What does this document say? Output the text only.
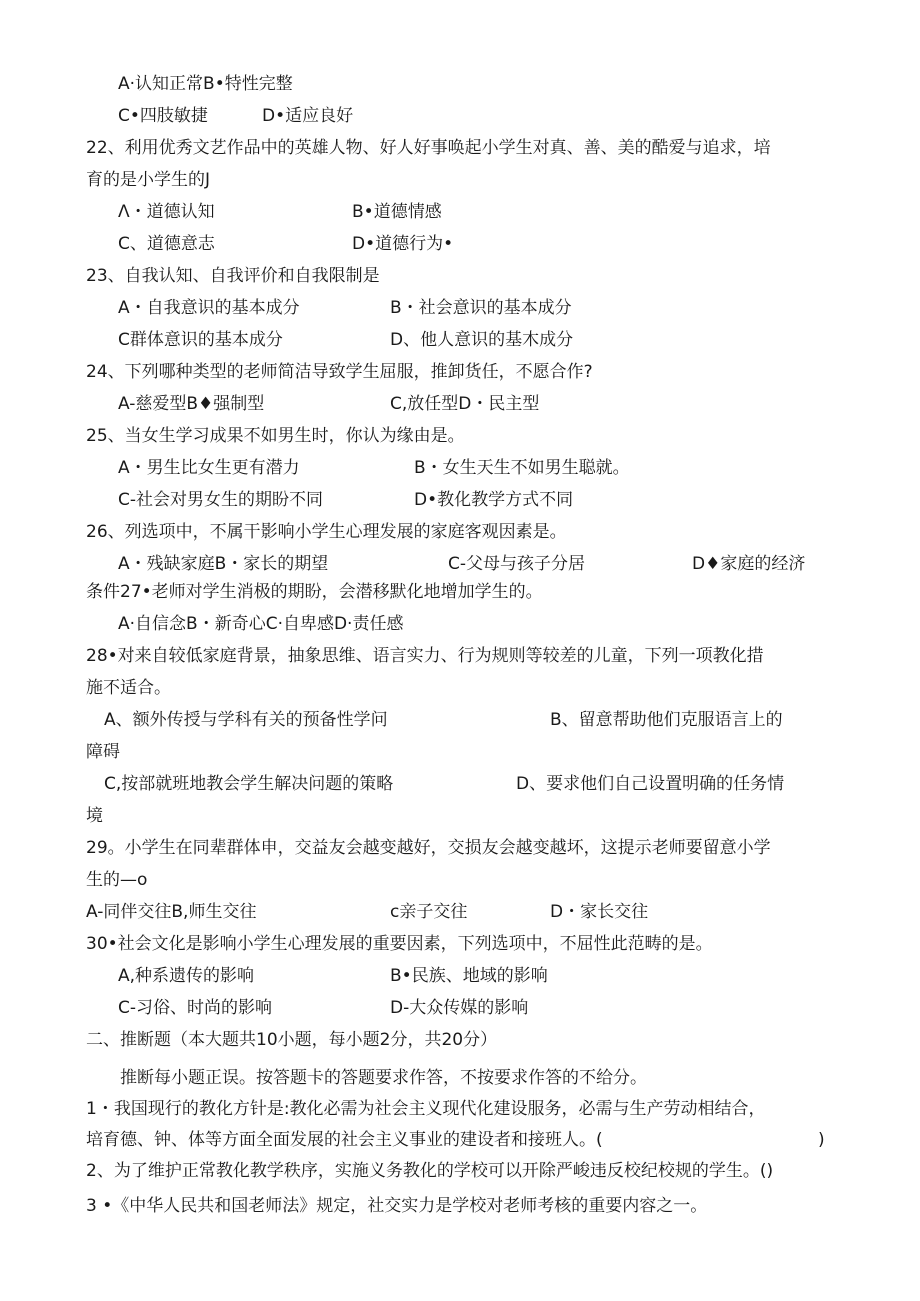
A·认知正常B•特性完整
C•四肢敏捷	D•适应良好
22、利用优秀文艺作品中的英雄人物、好人好事唤起小学生对真、善、美的酷爱与追求，培
育的是小学生的J
Λ・道德认知	B•道德情感
C、道德意志	D•道德行为•
23、自我认知、自我评价和自我限制是
A・自我意识的基本成分	B・社会意识的基本成分
C群体意识的基本成分	D、他人意识的基木成分
24、下列哪种类型的老师简洁导致学生屈服，推卸货任，不愿合作?
A-慈爱型B♦强制型	C,放任型D・民主型
25、当女生学习成果不如男生时，你认为缘由是。
A・男生比女生更有潜力	B・女生天生不如男生聪就。
C-社会对男女生的期盼不同	D•教化教学方式不同
26、列选项中，不属干影响小学生心理发展的家庭客观因素是。
A・残缺家庭B・家长的期望	C-父母与孩子分居	D♦家庭的经济
条件27•老师对学生消极的期盼，会潜移默化地增加学生的。
A·自信念B・新奇心C·自卑感D·责任感
28•对来自较低家庭背景，抽象思维、语言实力、行为规则等较差的儿童，下列一项教化措
施不适合。
A、额外传授与学科有关的预备性学问	B、留意帮助他们克服语言上的
障碍
C,按部就班地教会学生解决问题的策略	D、要求他们自己设置明确的任务情
境
29。小学生在同辈群体申，交益友会越变越好，交损友会越变越坏，这提示老师要留意小学
生的—o
A-同伴交往B,师生交往	c亲子交往	D・家长交往
30•社会文化是影响小学生心理发展的重要因素，下列选项中，不屈性此范畴的是。
A,种系遗传的影响	B•民族、地域的影响
C-习俗、时尚的影响	D-大众传媒的影响
二、推断题（本大题共10小题，每小题2分，共20分）
推断每小题正误。按答题卡的答题要求作答，不按要求作答的不给分。
1・我国现行的教化方针是:教化必需为社会主义现代化建设服务，必需与生产劳动相结合，
培育德、钟、体等方面全面发展的社会主义事业的建设者和接班人。(	)
2、为了维护正常教化教学秩序，实施义务教化的学校可以开除严峻违反校纪校规的学生。()
3 •《中华人民共和国老师法》规定，社交实力是学校对老师考核的重要内容之一。
